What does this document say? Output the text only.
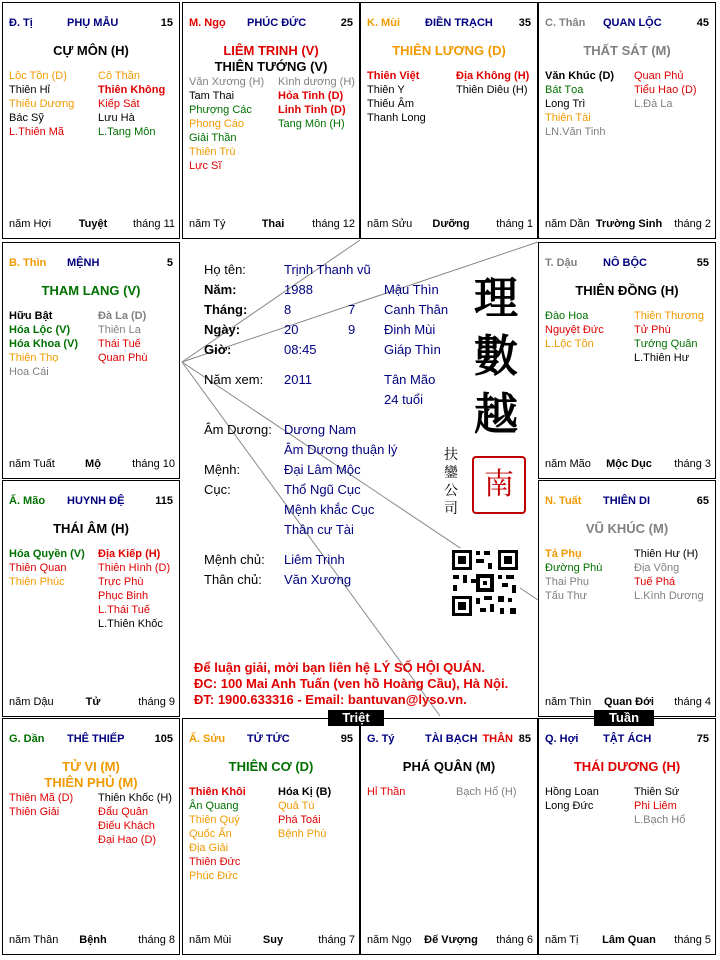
Đ. Tị	PHỤ MẪU	15
CỰ MÔN (H)
Lộc Tồn (D)
Thiên Hỉ
Thiếu Dương
Bác Sỹ
L.Thiên Mã
Cô Thần
Thiên Không
Kiếp Sát
Lưu Hà
L.Tang Môn
năm Hợi	Tuyệt tháng 11
M. Ngọ PHÚC ĐỨC	25
LIÊM TRINH (V)
THIÊN TƯỚNG (V)
Văn Xương (H)
Tam Thai
Phượng Các
Phong Cáo
Giải Thần
Thiên Trù
Lực Sĩ
Kình dương (H)
Hỏa Tinh (D)
Linh Tinh (D)
Tang Môn (H)
năm Tý	Thai	tháng 12
K. Mùi ĐIỀN TRẠCH 35
THIÊN LƯƠNG (D)
Thiên Việt
Thiên Y
Thiếu Âm
Thanh Long
Địa Không (H)
Thiên Diêu (H)
năm Sửu Dưỡng tháng 1
C. Thân QUAN LỘC	45
THẤT SÁT (M)
Văn Khúc (D)
Bát Tọa
Long Trì
Thiên Tài
LN.Văn Tinh
Quan Phủ
Tiểu Hao (D)
L.Đà La
năm Dần Trường Sinh tháng 2
B. Thìn MỆNH	5
THAM LANG (V)
Hữu Bật
Hóa Lộc (V)
Hóa Khoa (V)
Thiên Thọ
Hoa Cái
Đà La (D)
Thiên La
Thái Tuế
Quan Phù
năm Tuất	Mộ	tháng 10
T. Dậu NÔ BỘC	55
THIÊN ĐỒNG (H)
Đào Hoa
Nguyệt Đức
L.Lộc Tồn
Thiên Thương
Tử Phù
Tướng Quân
L.Thiên Hư
năm Mão Mộc Dục tháng 3
Ấ. Mão HUYNH ĐỆ	115
THÁI ÂM (H)
Hóa Quyền (V)
Thiên Quan
Thiên Phúc
Địa Kiếp (H)
Thiên Hình (D)
Trực Phù
Phục Binh
L.Thái Tuế
L.Thiên Khốc
năm Dậu	Tử	tháng 9
N. Tuất THIÊN DI	65
VŨ KHÚC (M)
Tả Phụ
Đường Phù
Thai Phụ
Tấu Thư
Thiên Hư (H)
Địa Võng
Tuế Phá
L.Kình Dương
năm Thìn Quan Đới tháng 4
G. Dần THÊ THIẾP	105
TỬ VI (M)
THIÊN PHỦ (M)
Thiên Mã (D)
Thiên Giải
Thiên Khốc (H)
Đẩu Quân
Điếu Khách
Đại Hao (D)
năm Thân Bệnh	tháng 8
Ấ. Sửu TỬ TỨC	95
THIÊN CƠ (D)
Thiên Khôi
Ân Quang
Thiên Quý
Quốc Ấn
Địa Giải
Thiên Đức
Phúc Đức
Hóa Kị (B)
Quả Tú
Phá Toái
Bệnh Phù
năm Mùi	Suy	tháng 7
G. Tý	TÀI BẠCH THÂN 85
PHÁ QUÂN (M)
Hỉ Thần	Bạch Hổ (H)
năm Ngọ Đế Vượng tháng 6
Q. Hợi TẬT ÁCH	75
THÁI DƯƠNG (H)
Hồng Loan
Long Đức
Thiên Sứ
Phi Liêm
L.Bạch Hổ
năm Tị Lâm Quan tháng 5
Họ tên:	Trịnh Thanh vũ
Năm:	1988	Mậu Thìn
Tháng:	8	7 Canh Thân
Ngày:	20	9 Đinh Mùi
Giờ:	08:45	Giáp Thìn
Năm xem: 2011	Tân Mão
24 tuổi
Âm Dương: Dương Nam
Âm Dương thuận lý
Mệnh:	Đại Lâm Mộc
Cục:	Thổ Ngũ Cục
Mệnh khắc Cục
Thân cư Tài
Mệnh chủ: Liêm Trinh
Thân chủ: Văn Xương
理
數
越
扶
鑾
公
司
南
Để luận giải, mời bạn liên hệ LÝ SỐ HỘI QUÁN.
ĐC: 100 Mai Anh Tuấn (ven hồ Hoàng Cầu), Hà Nội.
ĐT: 1900.633316 - Email: bantuvan@lyso.vn.
Triệt	Tuần
